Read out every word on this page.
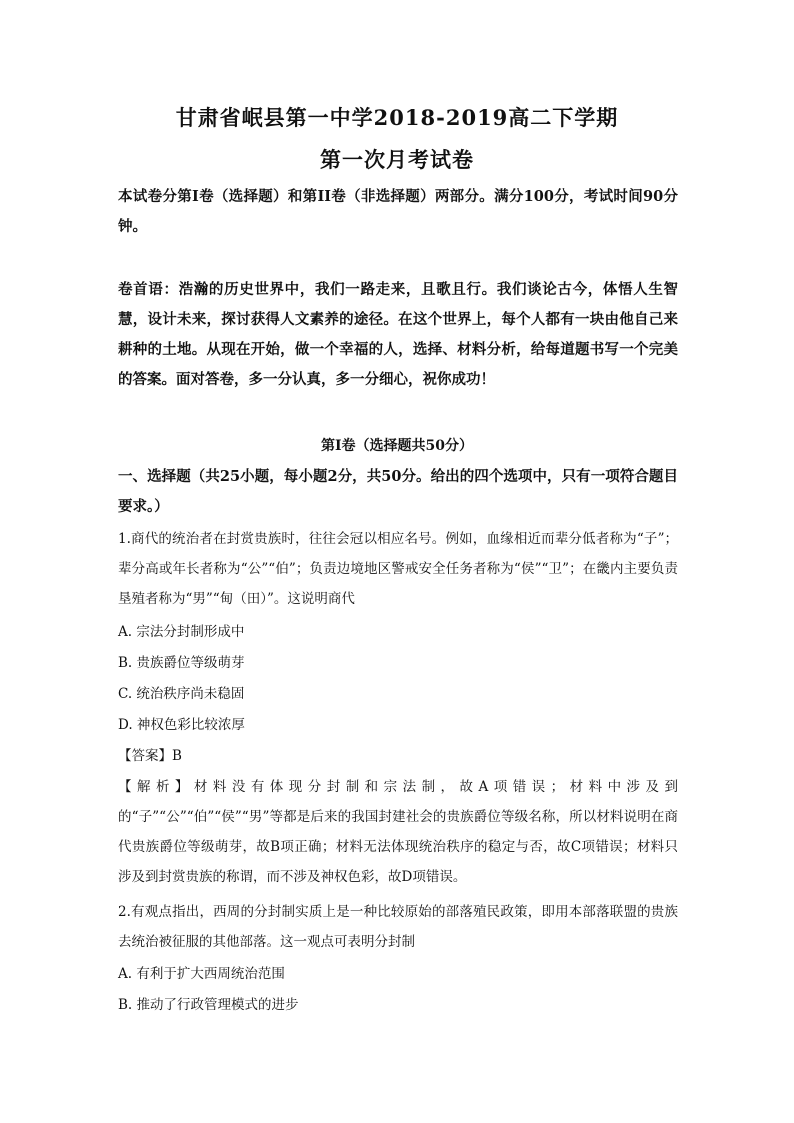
甘肃省岷县第一中学2018-2019高二下学期
第一次月考试卷

本试卷分第I卷（选择题）和第II卷（非选择题）两部分。满分100分，考试时间90分钟。

卷首语：浩瀚的历史世界中，我们一路走来，且歌且行。我们谈论古今，体悟人生智慧，设计未来，探讨获得人文素养的途径。在这个世界上，每个人都有一块由他自己来耕种的土地。从现在开始，做一个幸福的人，选择、材料分析，给每道题书写一个完美的答案。面对答卷，多一分认真，多一分细心，祝你成功！

第I卷（选择题共50分）

一、选择题（共25小题，每小题2分，共50分。给出的四个选项中，只有一项符合题目要求。）

1.商代的统治者在封赏贵族时，往往会冠以相应名号。例如，血缘相近而辈分低者称为“子”；辈分高或年长者称为“公”“伯”；负责边境地区警戒安全任务者称为“侯”“卫”；在畿内主要负责垦殖者称为“男”“甸（田）”。这说明商代

A. 宗法分封制形成中

B. 贵族爵位等级萌芽

C. 统治秩序尚未稳固

D. 神权色彩比较浓厚

【答案】B

【解析】材料没有体现分封制和宗法制，故A项错误；材料中涉及到的“子”“公”“伯”“侯”“男”等都是后来的我国封建社会的贵族爵位等级名称，所以材料说明在商代贵族爵位等级萌芽，故B项正确；材料无法体现统治秩序的稳定与否，故C项错误；材料只涉及到封赏贵族的称谓，而不涉及神权色彩，故D项错误。

2.有观点指出，西周的分封制实质上是一种比较原始的部落殖民政策，即用本部落联盟的贵族去统治被征服的其他部落。这一观点可表明分封制

A. 有利于扩大西周统治范围

B. 推动了行政管理模式的进步
